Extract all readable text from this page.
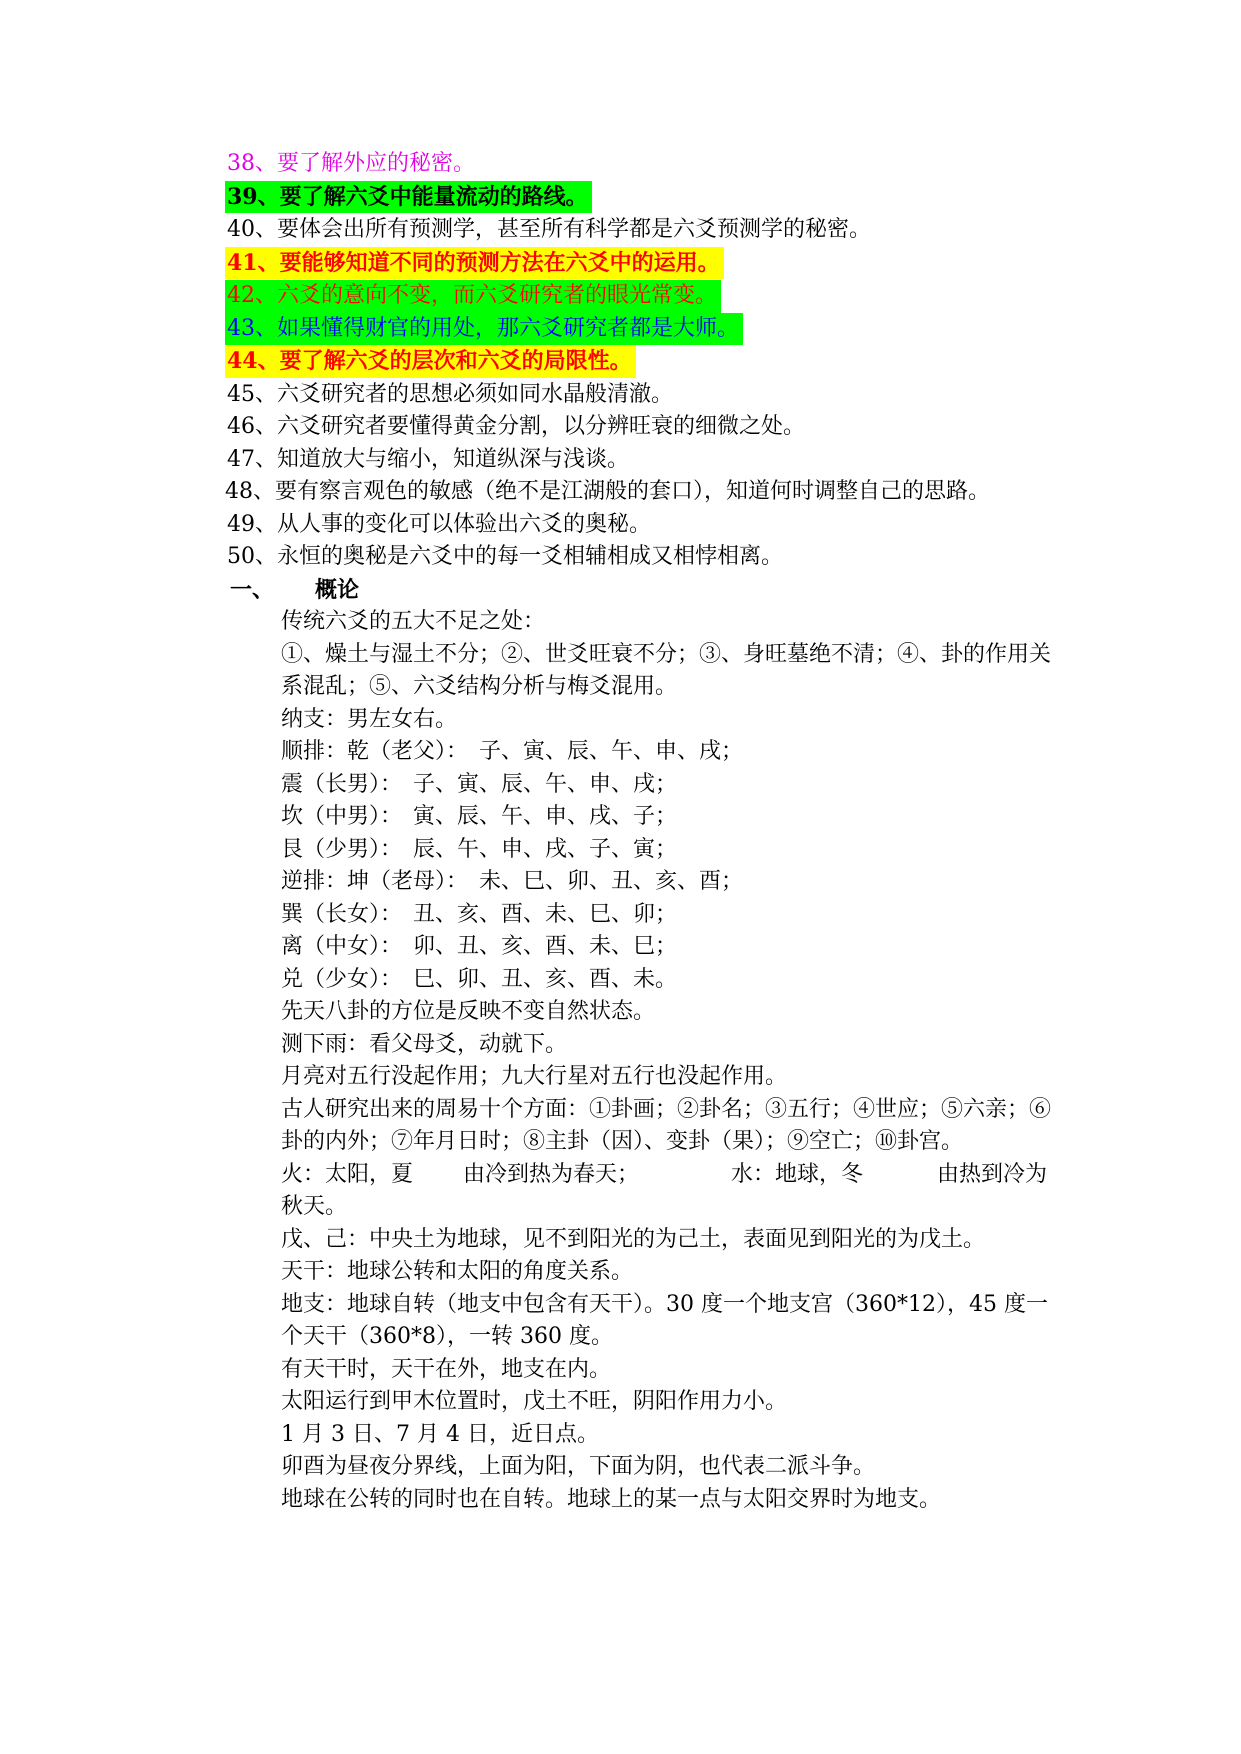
38、要了解外应的秘密。
39、要了解六爻中能量流动的路线。
40、要体会出所有预测学，甚至所有科学都是六爻预测学的秘密。
41、要能够知道不同的预测方法在六爻中的运用。
42、六爻的意向不变，而六爻研究者的眼光常变。
43、如果懂得财官的用处，那六爻研究者都是大师。
44、要了解六爻的层次和六爻的局限性。
45、六爻研究者的思想必须如同水晶般清澈。
46、六爻研究者要懂得黄金分割，以分辨旺衰的细微之处。
47、知道放大与缩小，知道纵深与浅谈。
48、要有察言观色的敏感（绝不是江湖般的套口），知道何时调整自己的思路。
49、从人事的变化可以体验出六爻的奥秘。
50、永恒的奥秘是六爻中的每一爻相辅相成又相悖相离。
一、 概论
传统六爻的五大不足之处：
①、燥土与湿土不分；②、世爻旺衰不分；③、身旺墓绝不清；④、卦的作用关系混乱；⑤、六爻结构分析与梅爻混用。
纳支：男左女右。
顺排：乾（老父）：　子、寅、辰、午、申、戌；
震（长男）：　子、寅、辰、午、申、戌；
坎（中男）：　寅、辰、午、申、戌、子；
艮（少男）：　辰、午、申、戌、子、寅；
逆排：坤（老母）：　未、巳、卯、丑、亥、酉；
巽（长女）：　丑、亥、酉、未、巳、卯；
离（中女）：　卯、丑、亥、酉、未、巳；
兑（少女）：　巳、卯、丑、亥、酉、未。
先天八卦的方位是反映不变自然状态。
测下雨：看父母爻，动就下。
月亮对五行没起作用；九大行星对五行也没起作用。
古人研究出来的周易十个方面：①卦画；②卦名；③五行；④世应；⑤六亲；⑥卦的内外；⑦年月日时；⑧主卦（因）、变卦（果）；⑨空亡；⑩卦宫。
火：太阳，夏 由冷到热为春天；	水：地球，冬	由热到冷为秋天。
戊、己：中央土为地球，见不到阳光的为己土，表面见到阳光的为戊土。
天干：地球公转和太阳的角度关系。
地支：地球自转（地支中包含有天干）。30 度一个地支宫（360*12），45 度一个天干（360*8），一转 360 度。
有天干时，天干在外，地支在内。
太阳运行到甲木位置时，戊土不旺，阴阳作用力小。
1 月 3 日、7 月 4 日，近日点。
卯酉为昼夜分界线，上面为阳，下面为阴，也代表二派斗争。
地球在公转的同时也在自转。地球上的某一点与太阳交界时为地支。
